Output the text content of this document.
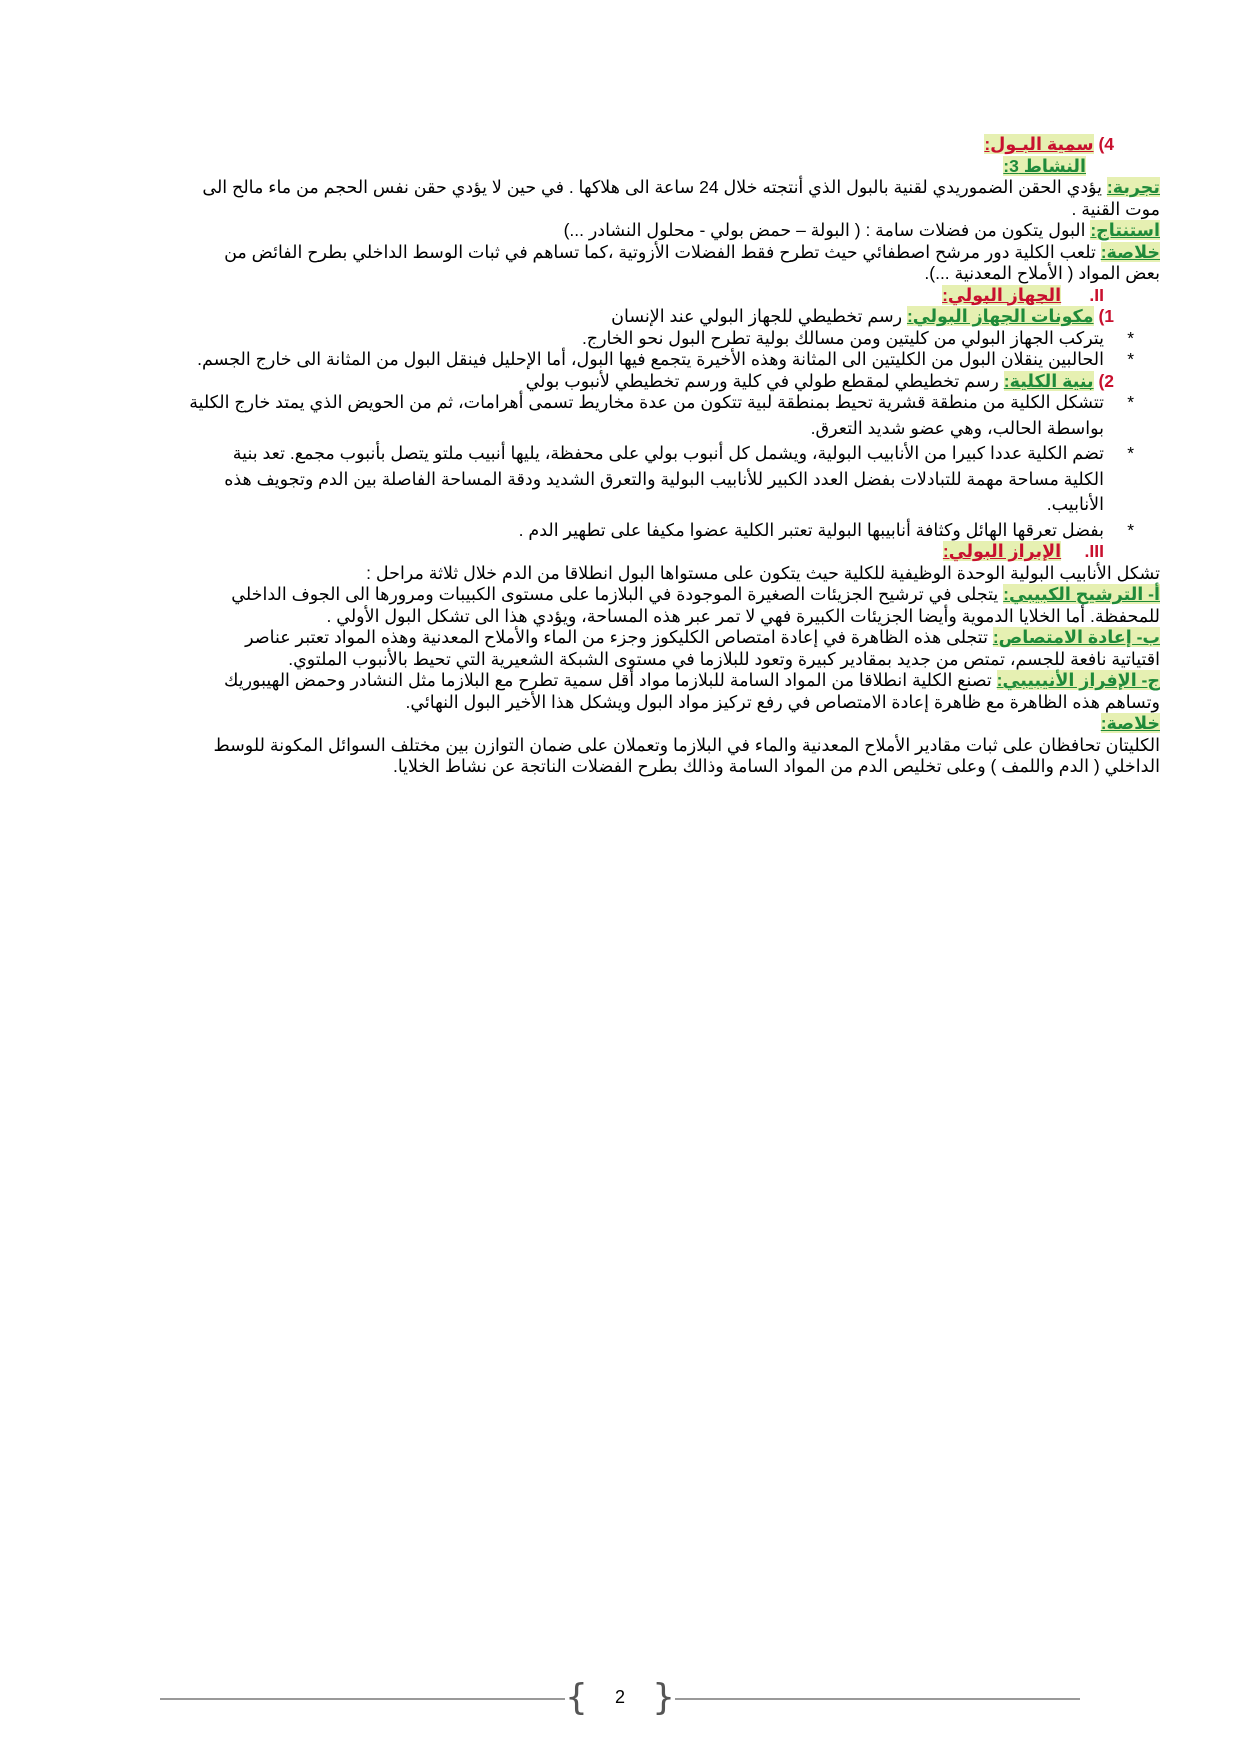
4) سمية البـول:
النشاط 3:
تجربة: يؤدي الحقن الضموريدي لقنية بالبول الذي أنتجته خلال 24 ساعة الى هلاكها . في حين لا يؤدي حقن نفس الحجم من ماء مالح الى
موت القنية .
استنتاج: البول يتكون من فضلات سامة : ( البولة – حمض بولي - محلول النشادر ...)
خلاصة: تلعب الكلية دور مرشح اصطفائي حيث تطرح فقط الفضلات الأزوتية ،كما تساهم في ثبات الوسط الداخلي بطرح الفائض من
بعض المواد ( الأملاح المعدنية ...).
II. الجهاز البولي:
1) مكونات الجهاز البولي: رسم تخطيطي للجهاز البولي عند الإنسان
*
يتركب الجهاز البولي من كليتين ومن مسالك بولية تطرح البول نحو الخارج.
*
الحالبين ينقلان البول من الكليتين الى المثانة وهذه الأخيرة يتجمع فيها البول، أما الإحليل فينقل البول من المثانة الى خارج الجسم.
2) بنية الكلية: رسم تخطيطي لمقطع طولي في كلية ورسم تخطيطي لأنبوب بولي
*
تتشكل الكلية من منطقة قشرية تحيط بمنطقة لبية تتكون من عدة مخاريط تسمى أهرامات، ثم من الحويض الذي يمتد خارج الكلية
بواسطة الحالب، وهي عضو شديد التعرق.
*
تضم الكلية عددا كبيرا من الأنابيب البولية، ويشمل كل أنبوب بولي على محفظة، يليها أنبيب ملتو يتصل بأنبوب مجمع. تعد بنية
الكلية مساحة مهمة للتبادلات بفضل العدد الكبير للأنابيب البولية والتعرق الشديد ودقة المساحة الفاصلة بين الدم وتجويف هذه
الأنابيب.
*
بفضل تعرقها الهائل وكثافة أنابيبها البولية تعتبر الكلية عضوا مكيفا على تطهير الدم .
III. الإبراز البولي:
تشكل الأنابيب البولية الوحدة الوظيفية للكلية حيث يتكون على مستواها البول انطلاقا من الدم خلال ثلاثة مراحل :
أ- الترشيح الكبيبي: يتجلى في ترشيح الجزيئات الصغيرة الموجودة في البلازما على مستوى الكبيبات ومرورها الى الجوف الداخلي
للمحفظة. أما الخلايا الدموية وأيضا الجزيئات الكبيرة فهي لا تمر عبر هذه المساحة، ويؤدي هذا الى تشكل البول الأولي .
ب- إعادة الامتصاص: تتجلى هذه الظاهرة في إعادة امتصاص الكليكوز وجزء من الماء والأملاح المعدنية وهذه المواد تعتبر عناصر
اقتياتية نافعة للجسم، تمتص من جديد بمقادير كبيرة وتعود للبلازما في مستوى الشبكة الشعيرية التي تحيط بالأنبوب الملتوي.
ج- الإفراز الأنيبيبي: تصنع الكلية انطلاقا من المواد السامة للبلازما مواد أقل سمية تطرح مع البلازما مثل النشادر وحمض الهيبوريك
وتساهم هذه الظاهرة مع ظاهرة إعادة الامتصاص في رفع تركيز مواد البول ويشكل هذا الأخير البول النهائي.
خلاصة:
الكليتان تحافظان على ثبات مقادير الأملاح المعدنية والماء في البلازما وتعملان على ضمان التوازن بين مختلف السوائل المكونة للوسط
الداخلي ( الدم واللمف ) وعلى تخليص الدم من المواد السامة وذالك بطرح الفضلات الناتجة عن نشاط الخلايا.
{	2 }
